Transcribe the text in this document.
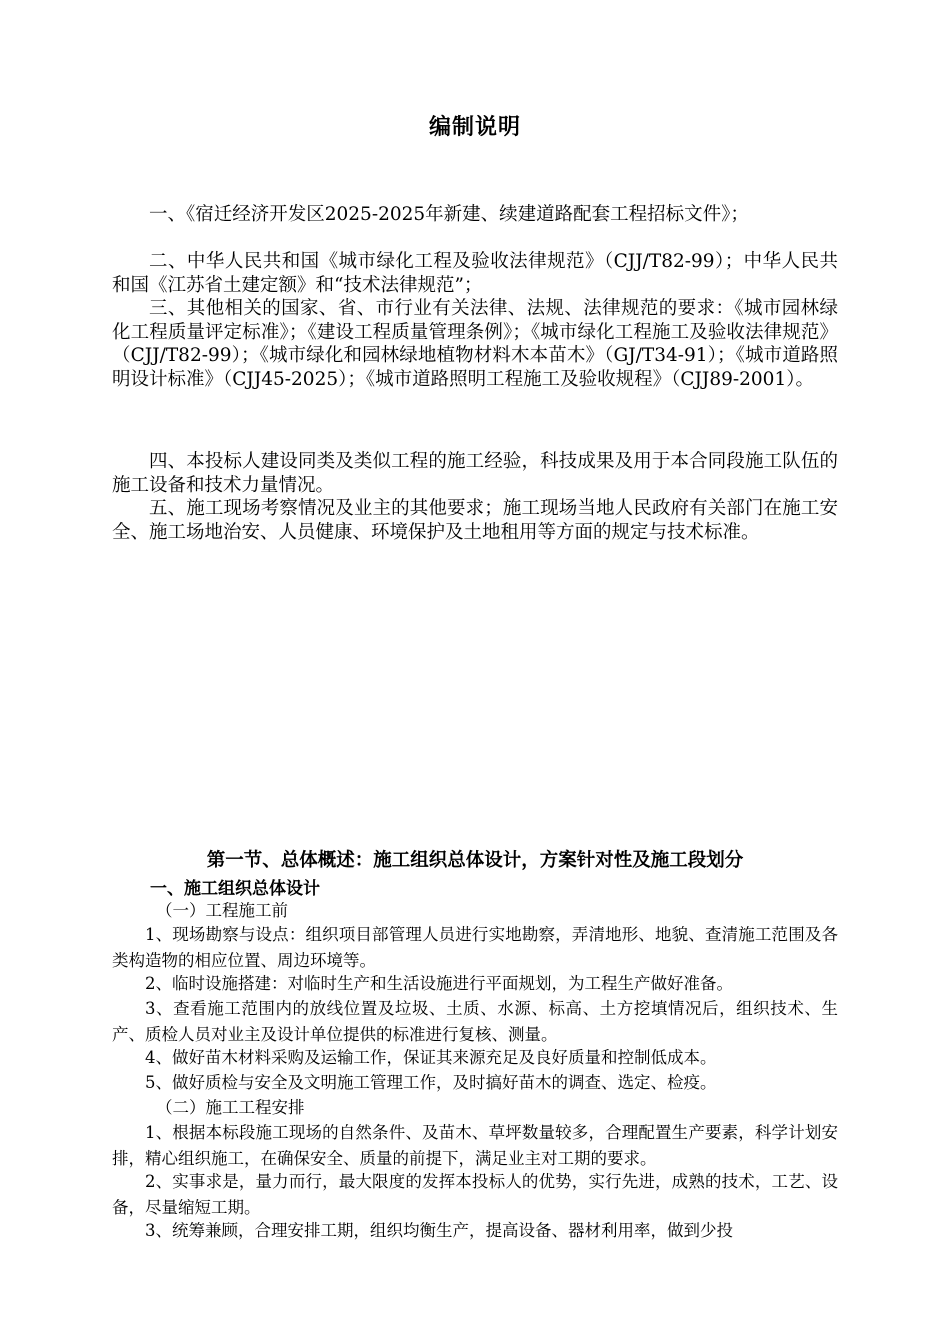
编制说明

一、《宿迁经济开发区2025-2025年新建、续建道路配套工程招标文件》；

二、中华人民共和国《城市绿化工程及验收法律规范》（CJJ/T82-99）；中华人民共和国《江苏省土建定额》和“技术法律规范”；

三、其他相关的国家、省、市行业有关法律、法规、法律规范的要求：《城市园林绿化工程质量评定标准》；《建设工程质量管理条例》；《城市绿化工程施工及验收法律规范》（CJJ/T82-99）；《城市绿化和园林绿地植物材料木本苗木》（GJ/T34-91）；《城市道路照明设计标准》（CJJ45-2025）；《城市道路照明工程施工及验收规程》（CJJ89-2001）。

四、本投标人建设同类及类似工程的施工经验，科技成果及用于本合同段施工队伍的施工设备和技术力量情况。

五、施工现场考察情况及业主的其他要求；施工现场当地人民政府有关部门在施工安全、施工场地治安、人员健康、环境保护及土地租用等方面的规定与技术标准。

第一节、总体概述：施工组织总体设计，方案针对性及施工段划分
一、施工组织总体设计
（一）工程施工前

1、现场勘察与设点：组织项目部管理人员进行实地勘察，弄清地形、地貌、查清施工范围及各类构造物的相应位置、周边环境等。

2、临时设施搭建：对临时生产和生活设施进行平面规划，为工程生产做好准备。

3、查看施工范围内的放线位置及垃圾、土质、水源、标高、土方挖填情况后，组织技术、生产、质检人员对业主及设计单位提供的标准进行复核、测量。

4、做好苗木材料采购及运输工作，保证其来源充足及良好质量和控制低成本。

5、做好质检与安全及文明施工管理工作，及时搞好苗木的调查、选定、检疫。

（二）施工工程安排

1、根据本标段施工现场的自然条件、及苗木、草坪数量较多，合理配置生产要素，科学计划安排，精心组织施工，在确保安全、质量的前提下，满足业主对工期的要求。

2、实事求是，量力而行，最大限度的发挥本投标人的优势，实行先进，成熟的技术，工艺、设备，尽量缩短工期。

3、统筹兼顾，合理安排工期，组织均衡生产，提高设备、器材利用率，做到少投
